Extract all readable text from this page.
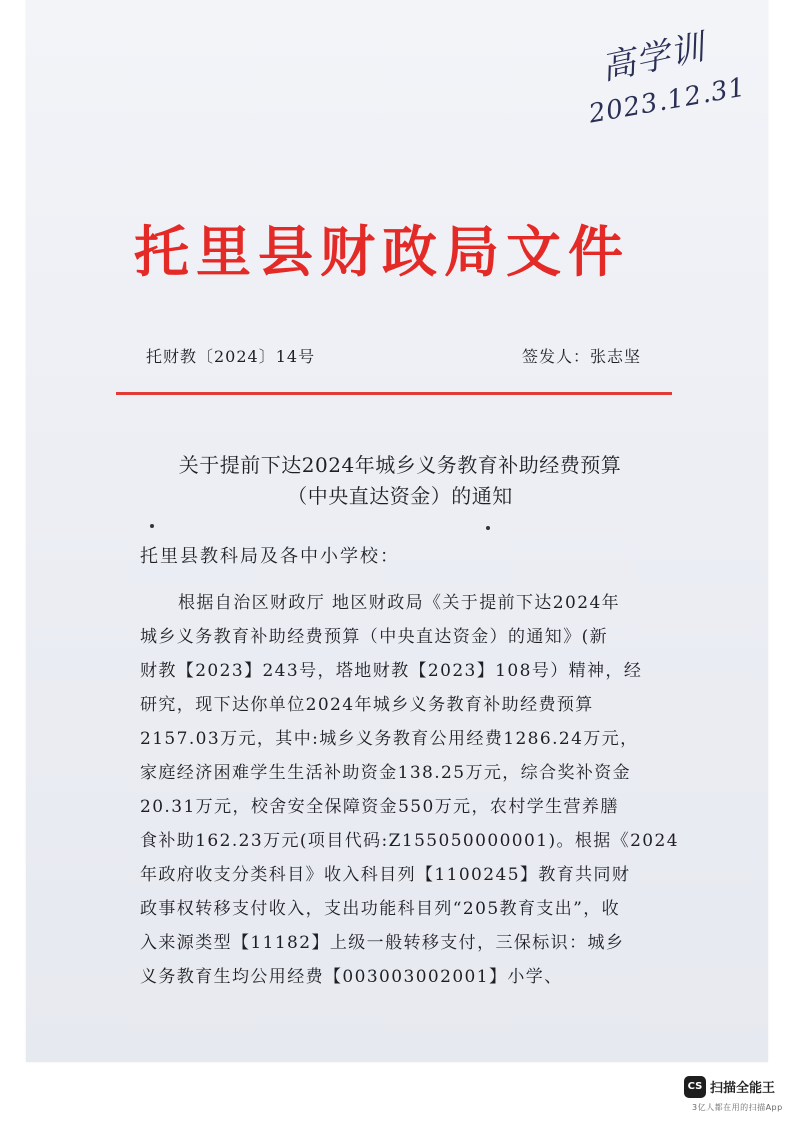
高学训
2023.12.31
托里县财政局文件
托财教〔2024〕14号	签发人：张志坚
关于提前下达2024年城乡义务教育补助经费预算
（中央直达资金）的通知
托里县教科局及各中小学校：
根据自治区财政厅 地区财政局《关于提前下达2024年
城乡义务教育补助经费预算（中央直达资金）的通知》(新
财教【2023】243号，塔地财教【2023】108号）精神，经
研究，现下达你单位2024年城乡义务教育补助经费预算
2157.03万元，其中:城乡义务教育公用经费1286.24万元，
家庭经济困难学生生活补助资金138.25万元，综合奖补资金
20.31万元，校舍安全保障资金550万元，农村学生营养膳
食补助162.23万元(项目代码:Z155050000001)。根据《2024
年政府收支分类科目》收入科目列【1100245】教育共同财
政事权转移支付收入，支出功能科目列“205教育支出”，收
入来源类型【11182】上级一般转移支付，三保标识：城乡
义务教育生均公用经费【003003002001】小学、
CS 扫描全能王
3亿人都在用的扫描App
